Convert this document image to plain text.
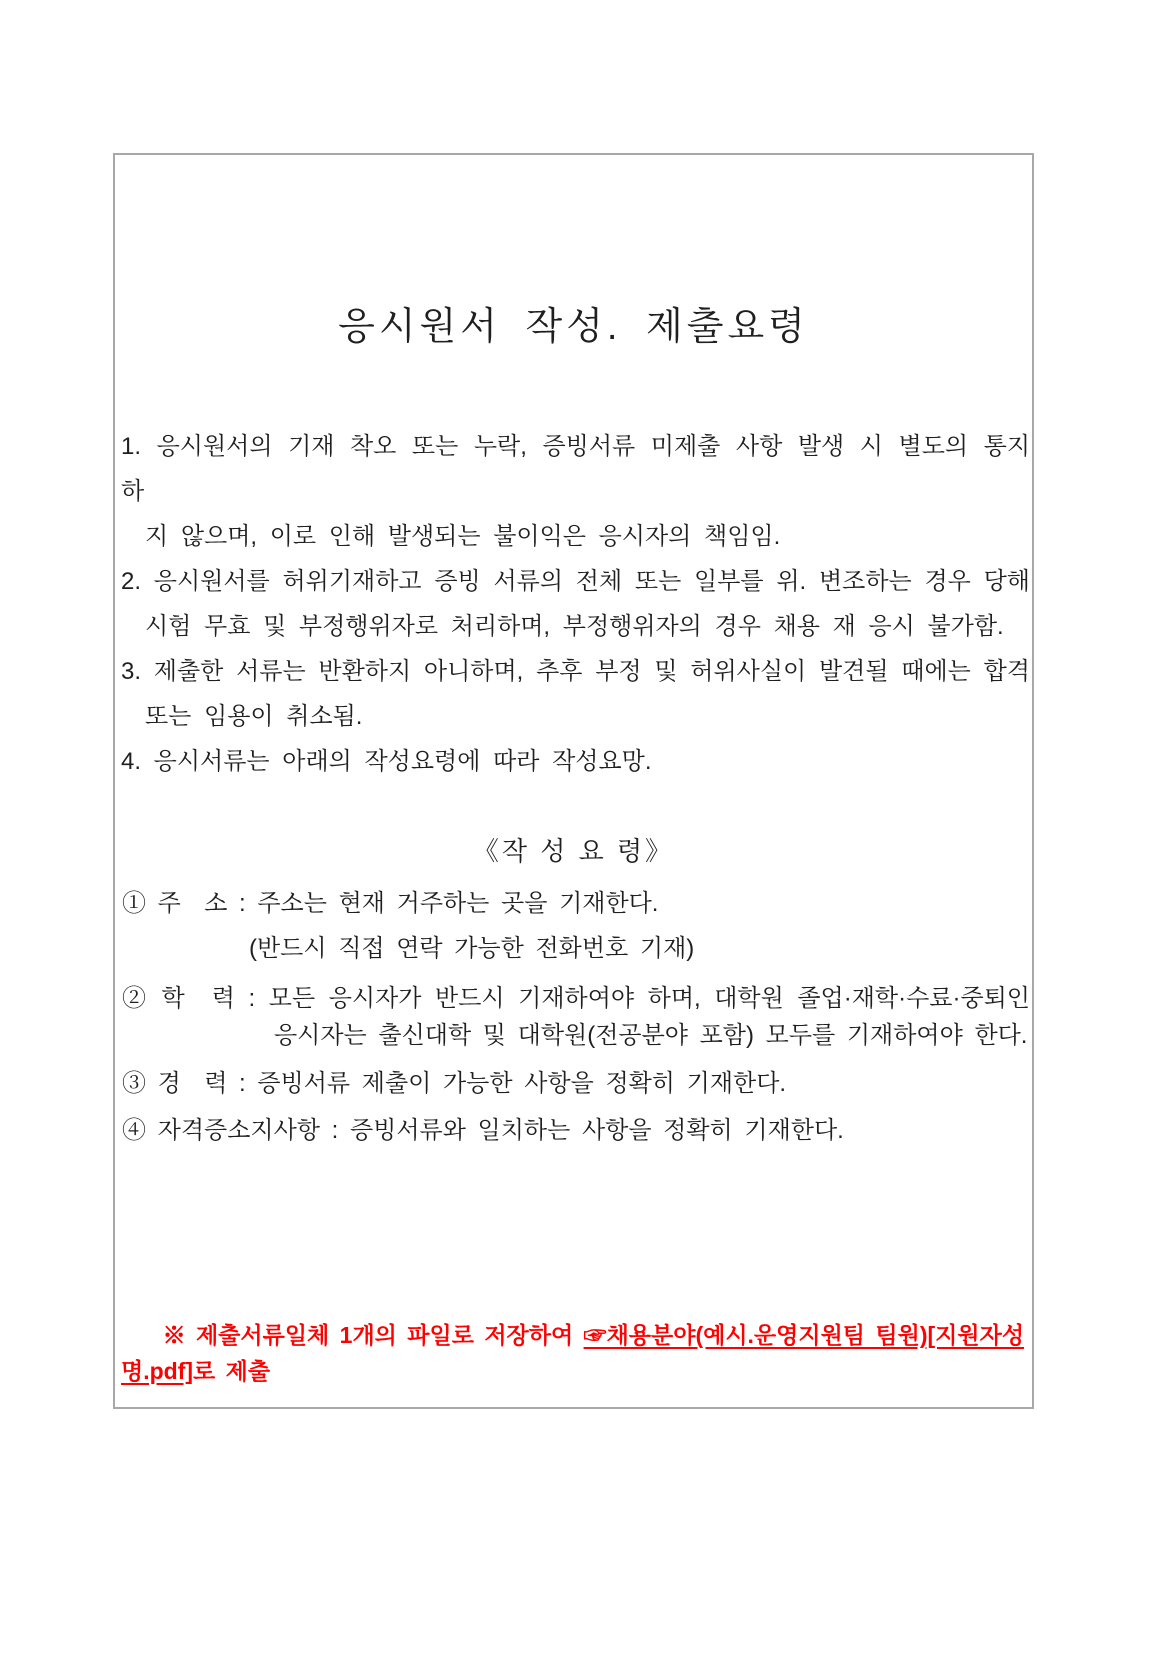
응시원서 작성. 제출요령
1. 응시원서의 기재 착오 또는 누락, 증빙서류 미제출 사항 발생 시 별도의 통지 하
지 않으며, 이로 인해 발생되는 불이익은 응시자의 책임임.
2. 응시원서를 허위기재하고 증빙 서류의 전체 또는 일부를 위. 변조하는 경우 당해
시험 무효 및 부정행위자로 처리하며, 부정행위자의 경우 채용 재 응시 불가함.
3. 제출한 서류는 반환하지 아니하며, 추후 부정 및 허위사실이 발견될 때에는 합격
또는 임용이 취소됨.
4. 응시서류는 아래의 작성요령에 따라 작성요망.
《작 성 요 령》
① 주  소 : 주소는 현재 거주하는 곳을 기재한다.
(반드시 직접 연락 가능한 전화번호 기재)
② 학  력 : 모든 응시자가 반드시 기재하여야 하며, 대학원 졸업·재학·수료·중퇴인
응시자는 출신대학 및 대학원(전공분야 포함) 모두를 기재하여야 한다.
③ 경  력 : 증빙서류 제출이 가능한 사항을 정확히 기재한다.
④ 자격증소지사항 : 증빙서류와 일치하는 사항을 정확히 기재한다.

※ 제출서류일체 1개의 파일로 저장하여 ☞채용분야(예시.운영지원팀 팀원)[지원자성명.pdf]로 제출
